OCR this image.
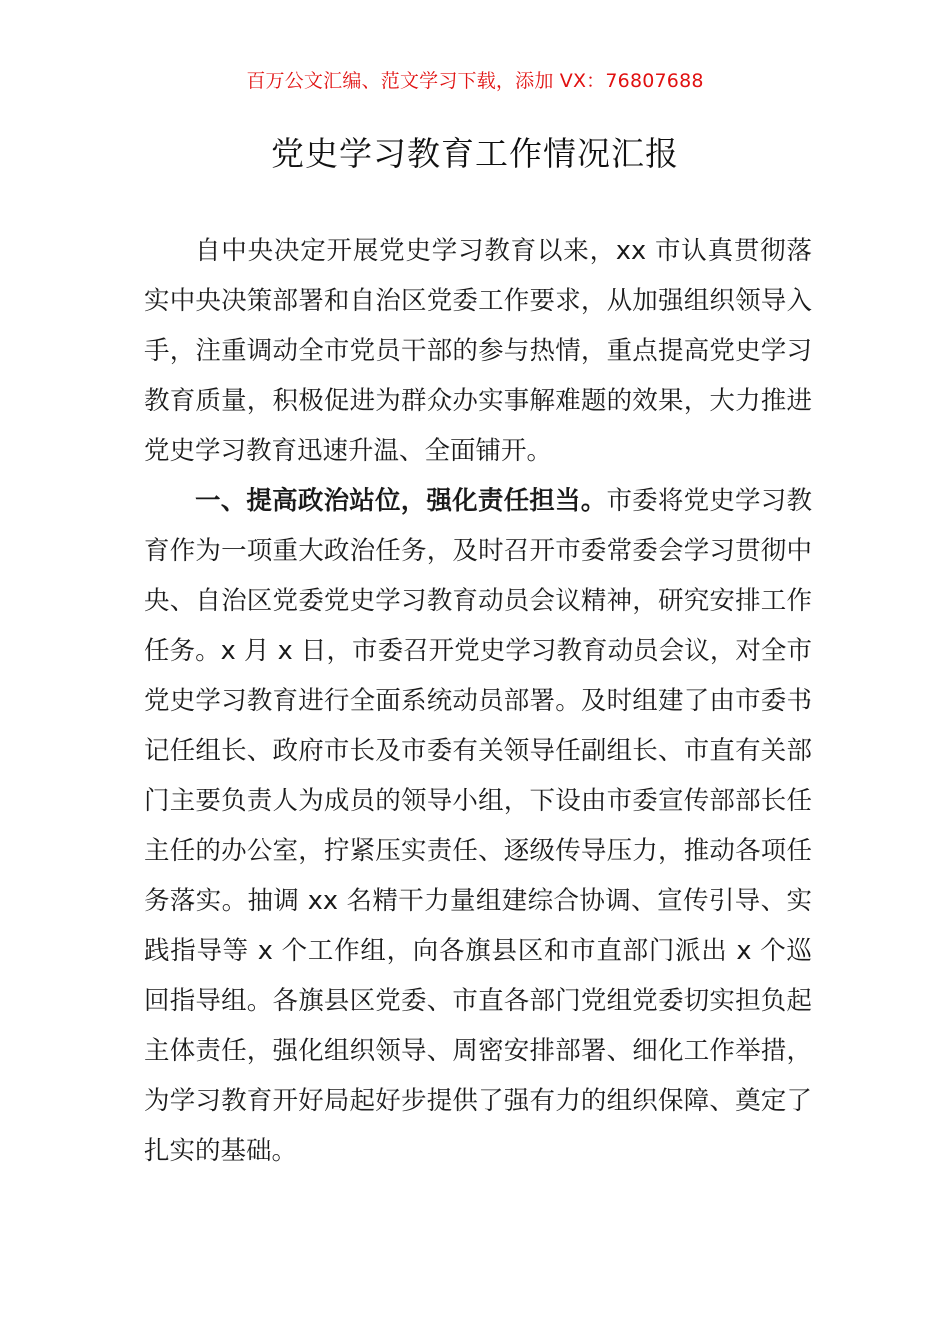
百万公文汇编、范文学习下载，添加 VX：76807688
党史学习教育工作情况汇报

自中央决定开展党史学习教育以来，xx 市认真贯彻落实中央决策部署和自治区党委工作要求，从加强组织领导入手，注重调动全市党员干部的参与热情，重点提高党史学习教育质量，积极促进为群众办实事解难题的效果，大力推进党史学习教育迅速升温、全面铺开。

一、提高政治站位，强化责任担当。市委将党史学习教育作为一项重大政治任务，及时召开市委常委会学习贯彻中央、自治区党委党史学习教育动员会议精神，研究安排工作任务。x 月 x 日，市委召开党史学习教育动员会议，对全市党史学习教育进行全面系统动员部署。及时组建了由市委书记任组长、政府市长及市委有关领导任副组长、市直有关部门主要负责人为成员的领导小组，下设由市委宣传部部长任主任的办公室，拧紧压实责任、逐级传导压力，推动各项任务落实。抽调 xx 名精干力量组建综合协调、宣传引导、实践指导等 x 个工作组，向各旗县区和市直部门派出 x 个巡回指导组。各旗县区党委、市直各部门党组党委切实担负起主体责任，强化组织领导、周密安排部署、细化工作举措，为学习教育开好局起好步提供了强有力的组织保障、奠定了扎实的基础。
